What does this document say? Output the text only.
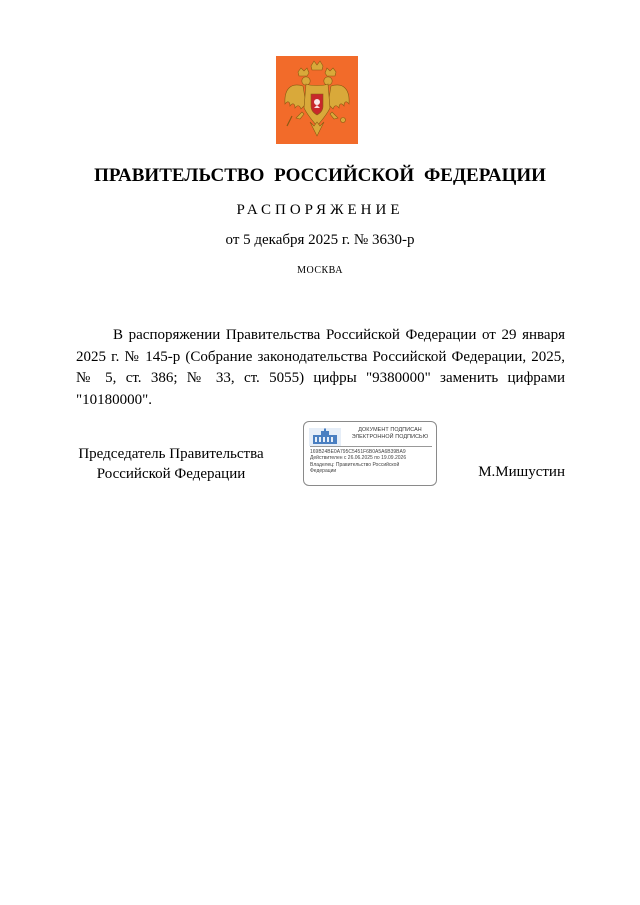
ПРАВИТЕЛЬСТВО РОССИЙСКОЙ ФЕДЕРАЦИИ
РАСПОРЯЖЕНИЕ
от 5 декабря 2025 г. № 3630-р
МОСКВА

В распоряжении Правительства Российской Федерации от 29 января 2025 г. № 145-р (Собрание законодательства Российской Федерации, 2025, № 5, ст. 386; № 33, ст. 5055) цифры "9380000" заменить цифрами "10180000".

Председатель Правительства
Российской Федерации
ДОКУМЕНТ ПОДПИСАН
ЭЛЕКТРОННОЙ ПОДПИСЬЮ
169B24BE0A795C5451F6B0A5A6B39BA9
Действителен с 26.06.2025 по 19.09.2026
Владелец: Правительство Российской
Федерации	М.Мишустин
